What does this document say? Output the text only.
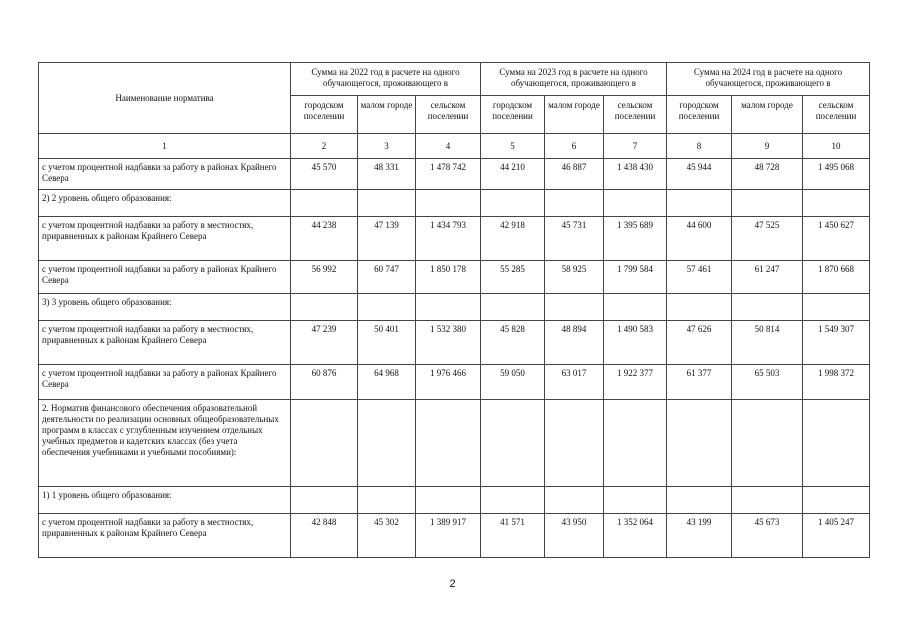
Наименование норматива	Сумма на 2022 год в расчете на одного обучающегося, проживающего в			Сумма на 2023 год в расчете на одного обучающегося, проживающего в			Сумма на 2024 год в расчете на одного обучающегося, проживающего в		
	городском поселении	малом городе	сельском поселении	городском поселении	малом городе	сельском поселении	городском поселении	малом городе	сельском поселении
1	2	3	4	5	6	7	8	9	10
с учетом процентной надбавки за работу в районах Крайнего Севера	45 570	48 331	1 478 742	44 210	46 887	1 438 430	45 944	48 728	1 495 068
2) 2 уровень общего образования:									
с учетом процентной надбавки за работу в местностях, приравненных к районам Крайнего Севера	44 238	47 139	1 434 793	42 918	45 731	1 395 689	44 600	47 525	1 450 627
с учетом процентной надбавки за работу в районах Крайнего Севера	56 992	60 747	1 850 178	55 285	58 925	1 799 584	57 461	61 247	1 870 668
3) 3 уровень общего образования:									
с учетом процентной надбавки за работу в местностях, приравненных к районам Крайнего Севера	47 239	50 401	1 532 380	45 828	48 894	1 490 583	47 626	50 814	1 549 307
с учетом процентной надбавки за работу в районах Крайнего Севера	60 876	64 968	1 976 466	59 050	63 017	1 922 377	61 377	65 503	1 998 372
2. Норматив финансового обеспечения образовательной деятельности по реализации основных общеобразовательных программ в классах с углубленным изучением отдельных учебных предметов и кадетских классах (без учета обеспечения учебниками и учебными пособиями):									
1) 1 уровень общего образования:									
с учетом процентной надбавки за работу в местностях, приравненных к районам Крайнего Севера	42 848	45 302	1 389 917	41 571	43 950	1 352 064	43 199	45 673	1 405 247
2
